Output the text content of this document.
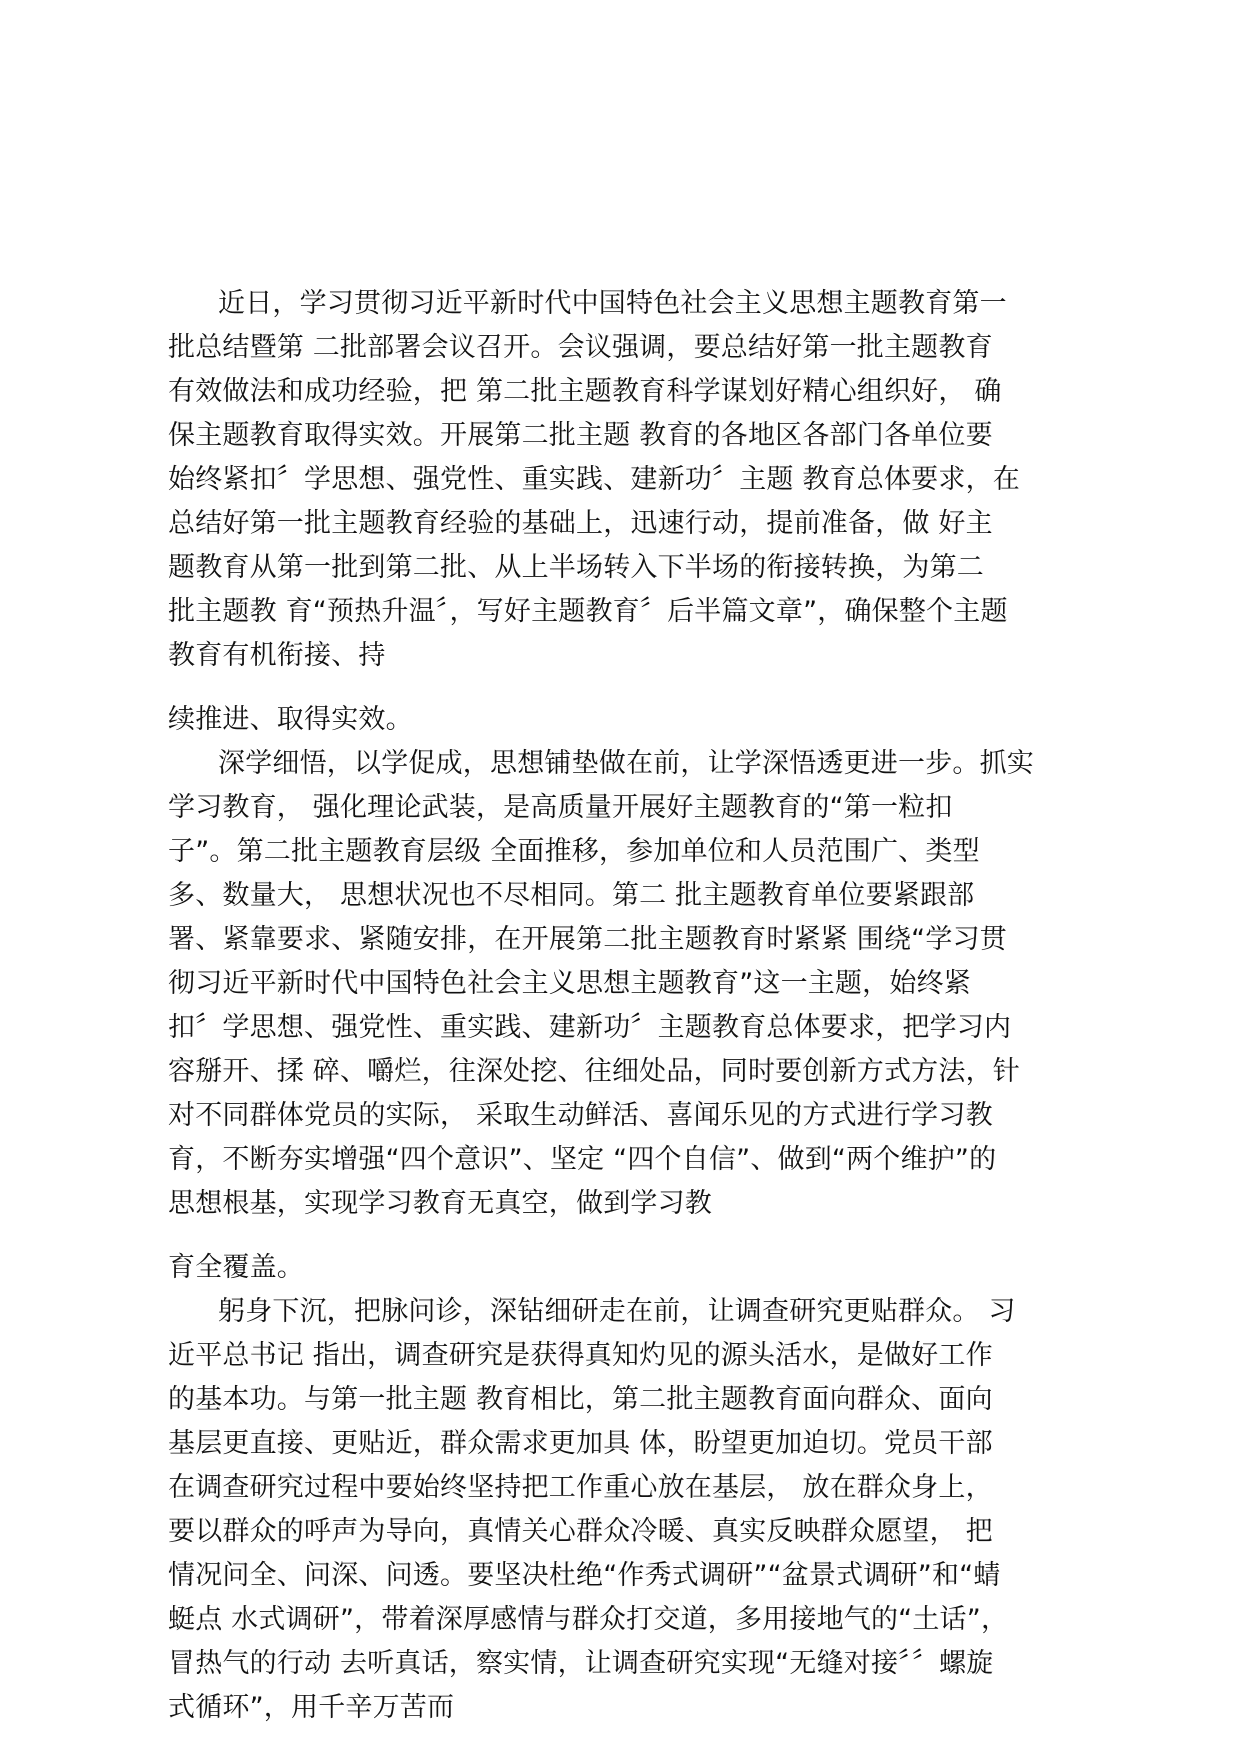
近日，学习贯彻习近平新时代中国特色社会主义思想主题教育第一
批总结暨第 二批部署会议召开。会议强调，要总结好第一批主题教育
有效做法和成功经验，把 第二批主题教育科学谋划好精心组织好， 确
保主题教育取得实效。开展第二批主题 教育的各地区各部门各单位要
始终紧扣〞学思想、强党性、重实践、建新功〞主题 教育总体要求，在
总结好第一批主题教育经验的基础上，迅速行动，提前准备，做 好主
题教育从第一批到第二批、从上半场转入下半场的衔接转换，为第二
批主题教 育“预热升温〞，写好主题教育〞后半篇文章”，确保整个主题
教育有机衔接、持
续推进、取得实效。
深学细悟，以学促成，思想铺垫做在前，让学深悟透更进一步。抓实
学习教育， 强化理论武装，是高质量开展好主题教育的“第一粒扣
子”。第二批主题教育层级 全面推移，参加单位和人员范围广、类型
多、数量大， 思想状况也不尽相同。第二 批主题教育单位要紧跟部
署、紧靠要求、紧随安排，在开展第二批主题教育时紧紧 围绕“学习贯
彻习近平新时代中国特色社会主义思想主题教育”这一主题，始终紧
扣〞学思想、强党性、重实践、建新功〞主题教育总体要求，把学习内
容掰开、揉 碎、嚼烂，往深处挖、往细处品，同时要创新方式方法，针
对不同群体党员的实际， 采取生动鲜活、喜闻乐见的方式进行学习教
育，不断夯实增强“四个意识”、坚定 “四个自信”、做到“两个维护”的
思想根基，实现学习教育无真空，做到学习教
育全覆盖。
躬身下沉，把脉问诊，深钻细研走在前，让调查研究更贴群众。 习
近平总书记 指出，调查研究是获得真知灼见的源头活水，是做好工作
的基本功。与第一批主题 教育相比，第二批主题教育面向群众、面向
基层更直接、更贴近，群众需求更加具 体，盼望更加迫切。党员干部
在调查研究过程中要始终坚持把工作重心放在基层， 放在群众身上，
要以群众的呼声为导向，真情关心群众冷暖、真实反映群众愿望， 把
情况问全、问深、问透。要坚决杜绝“作秀式调研”“盆景式调研”和“蜻
蜓点 水式调研”，带着深厚感情与群众打交道，多用接地气的“土话”，
冒热气的行动 去听真话，察实情，让调查研究实现“无缝对接〞〞螺旋
式循环”，用千辛万苦而
